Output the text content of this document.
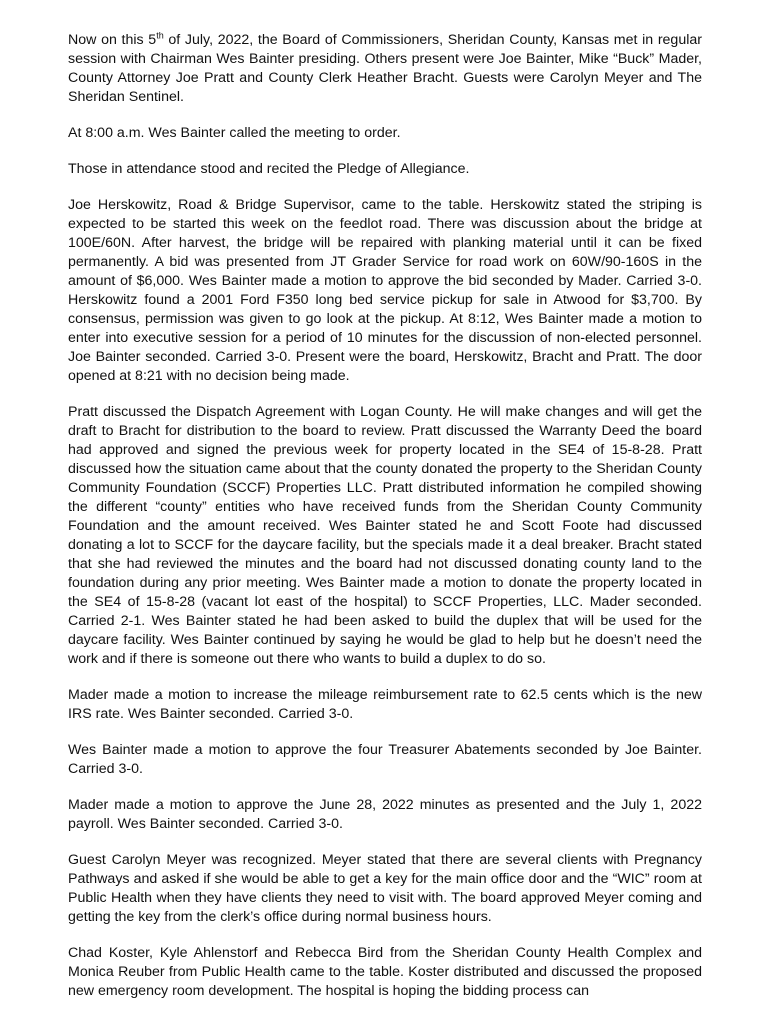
Now on this 5th of July, 2022, the Board of Commissioners, Sheridan County, Kansas met in regular session with Chairman Wes Bainter presiding. Others present were Joe Bainter, Mike “Buck” Mader, County Attorney Joe Pratt and County Clerk Heather Bracht. Guests were Carolyn Meyer and The Sheridan Sentinel.

At 8:00 a.m. Wes Bainter called the meeting to order.

Those in attendance stood and recited the Pledge of Allegiance.

Joe Herskowitz, Road & Bridge Supervisor, came to the table. Herskowitz stated the striping is expected to be started this week on the feedlot road. There was discussion about the bridge at 100E/60N. After harvest, the bridge will be repaired with planking material until it can be fixed permanently. A bid was presented from JT Grader Service for road work on 60W/90-160S in the amount of $6,000. Wes Bainter made a motion to approve the bid seconded by Mader. Carried 3-0. Herskowitz found a 2001 Ford F350 long bed service pickup for sale in Atwood for $3,700. By consensus, permission was given to go look at the pickup. At 8:12, Wes Bainter made a motion to enter into executive session for a period of 10 minutes for the discussion of non-elected personnel. Joe Bainter seconded. Carried 3-0. Present were the board, Herskowitz, Bracht and Pratt. The door opened at 8:21 with no decision being made.

Pratt discussed the Dispatch Agreement with Logan County. He will make changes and will get the draft to Bracht for distribution to the board to review. Pratt discussed the Warranty Deed the board had approved and signed the previous week for property located in the SE4 of 15-8-28. Pratt discussed how the situation came about that the county donated the property to the Sheridan County Community Foundation (SCCF) Properties LLC. Pratt distributed information he compiled showing the different “county” entities who have received funds from the Sheridan County Community Foundation and the amount received. Wes Bainter stated he and Scott Foote had discussed donating a lot to SCCF for the daycare facility, but the specials made it a deal breaker. Bracht stated that she had reviewed the minutes and the board had not discussed donating county land to the foundation during any prior meeting. Wes Bainter made a motion to donate the property located in the SE4 of 15-8-28 (vacant lot east of the hospital) to SCCF Properties, LLC. Mader seconded. Carried 2-1. Wes Bainter stated he had been asked to build the duplex that will be used for the daycare facility. Wes Bainter continued by saying he would be glad to help but he doesn’t need the work and if there is someone out there who wants to build a duplex to do so.

Mader made a motion to increase the mileage reimbursement rate to 62.5 cents which is the new IRS rate. Wes Bainter seconded. Carried 3-0.

Wes Bainter made a motion to approve the four Treasurer Abatements seconded by Joe Bainter. Carried 3-0.

Mader made a motion to approve the June 28, 2022 minutes as presented and the July 1, 2022 payroll. Wes Bainter seconded. Carried 3-0.

Guest Carolyn Meyer was recognized. Meyer stated that there are several clients with Pregnancy Pathways and asked if she would be able to get a key for the main office door and the “WIC” room at Public Health when they have clients they need to visit with. The board approved Meyer coming and getting the key from the clerk’s office during normal business hours.

Chad Koster, Kyle Ahlenstorf and Rebecca Bird from the Sheridan County Health Complex and Monica Reuber from Public Health came to the table. Koster distributed and discussed the proposed new emergency room development. The hospital is hoping the bidding process can
